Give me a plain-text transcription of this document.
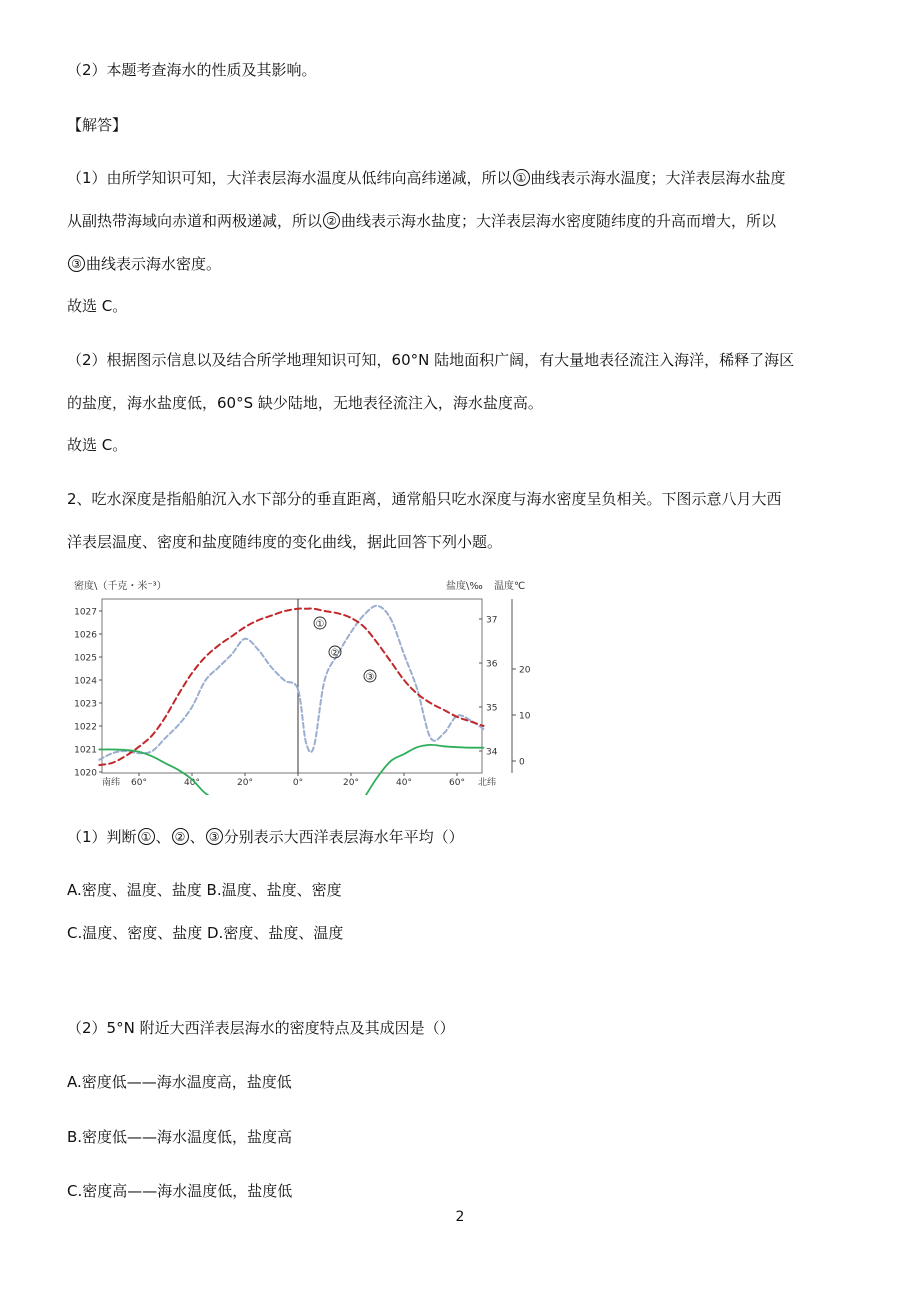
（2）本题考查海水的性质及其影响。
【解答】
（1）由所学知识可知，大洋表层海水温度从低纬向高纬递减，所以 ① 曲线表示海水温度；大洋表层海水盐度
从副热带海域向赤道和两极递减，所以 ② 曲线表示海水盐度；大洋表层海水密度随纬度的升高而增大，所以
③ 曲线表示海水密度。
故选 C。
（2）根据图示信息以及结合所学地理知识可知，60°N 陆地面积广阔，有大量地表径流注入海洋，稀释了海区
的盐度，海水盐度低，60°S 缺少陆地，无地表径流注入，海水盐度高。
故选 C。
2、吃水深度是指船舶沉入水下部分的垂直距离，通常船只吃水深度与海水密度呈负相关。下图示意八月大西
洋表层温度、密度和盐度随纬度的变化曲线，据此回答下列小题。
密度\（千克・米⁻³）	盐度\‰ 温度℃
1027
1026
1025
1024
1023
1022
1021
1020
37
36
35
34
20
10
0
60°	40°	20°	0°	20°	40°	60°
南纬	北纬
①
②
③
（1）判断 ① 、 ② 、 ③ 分别表示大西洋表层海水年平均（）
A.密度、温度、盐度 B.温度、盐度、密度
C.温度、密度、盐度 D.密度、盐度、温度
（2）5°N 附近大西洋表层海水的密度特点及其成因是（）
A.密度低——海水温度高，盐度低
B.密度低——海水温度低，盐度高
C.密度高——海水温度低，盐度低
2
